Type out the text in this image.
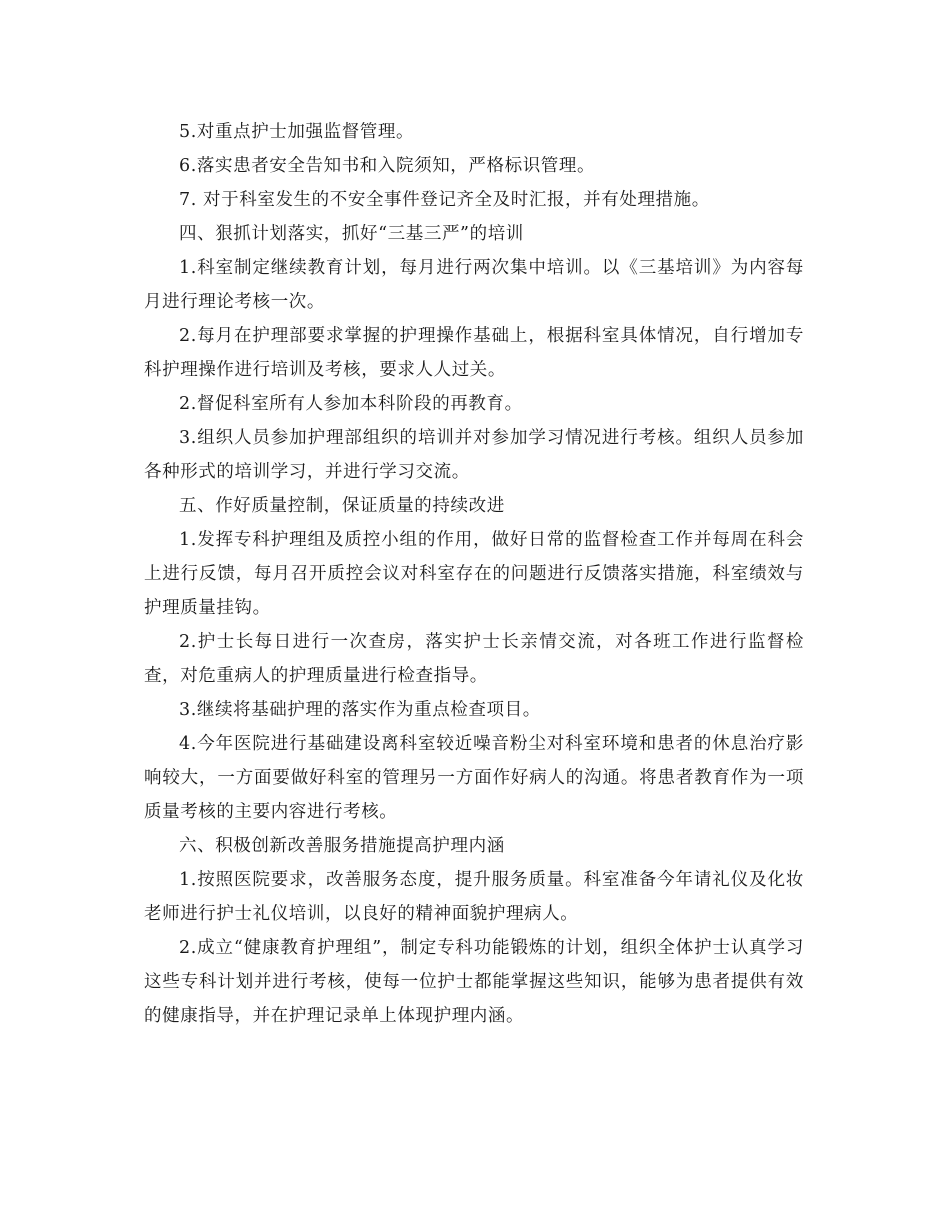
5.对重点护士加强监督管理。

6.落实患者安全告知书和入院须知，严格标识管理。

7. 对于科室发生的不安全事件登记齐全及时汇报，并有处理措施。

四、狠抓计划落实，抓好“三基三严”的培训

1.科室制定继续教育计划，每月进行两次集中培训。以《三基培训》为内容每月进行理论考核一次。

2.每月在护理部要求掌握的护理操作基础上，根据科室具体情况，自行增加专科护理操作进行培训及考核，要求人人过关。

2.督促科室所有人参加本科阶段的再教育。

3.组织人员参加护理部组织的培训并对参加学习情况进行考核。组织人员参加各种形式的培训学习，并进行学习交流。

五、作好质量控制，保证质量的持续改进

1.发挥专科护理组及质控小组的作用，做好日常的监督检查工作并每周在科会上进行反馈，每月召开质控会议对科室存在的问题进行反馈落实措施，科室绩效与护理质量挂钩。

2.护士长每日进行一次查房，落实护士长亲情交流，对各班工作进行监督检查，对危重病人的护理质量进行检查指导。

3.继续将基础护理的落实作为重点检查项目。

4.今年医院进行基础建设离科室较近噪音粉尘对科室环境和患者的休息治疗影响较大，一方面要做好科室的管理另一方面作好病人的沟通。将患者教育作为一项质量考核的主要内容进行考核。

六、积极创新改善服务措施提高护理内涵

1.按照医院要求，改善服务态度，提升服务质量。科室准备今年请礼仪及化妆老师进行护士礼仪培训，以良好的精神面貌护理病人。

2.成立“健康教育护理组”，制定专科功能锻炼的计划，组织全体护士认真学习这些专科计划并进行考核，使每一位护士都能掌握这些知识，能够为患者提供有效的健康指导，并在护理记录单上体现护理内涵。
